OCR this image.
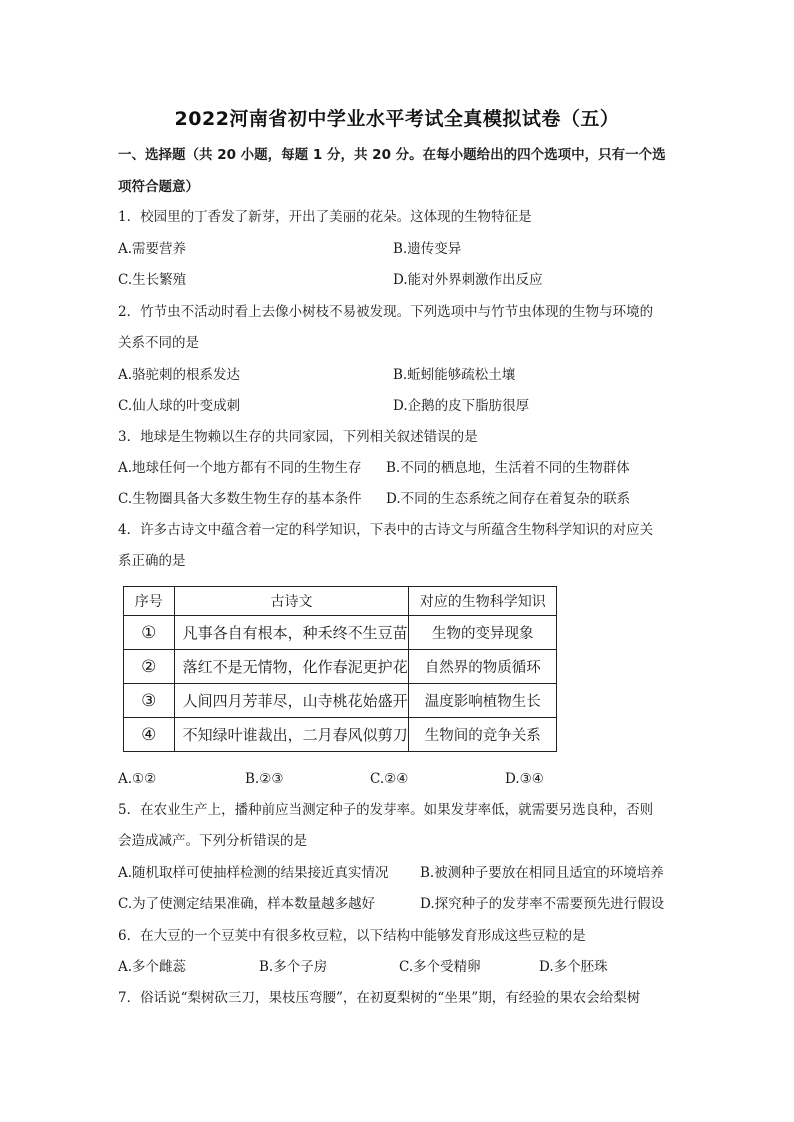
2022河南省初中学业水平考试全真模拟试卷（五）
一、选择题（共 20 小题，每题 1 分，共 20 分。在每小题给出的四个选项中，只有一个选
项符合题意）
1．校园里的丁香发了新芽，开出了美丽的花朵。这体现的生物特征是
A.需要营养	B.遗传变异
C.生长繁殖	D.能对外界刺激作出反应
2．竹节虫不活动时看上去像小树枝不易被发现。下列选项中与竹节虫体现的生物与环境的
关系不同的是
A.骆驼刺的根系发达	B.蚯蚓能够疏松土壤
C.仙人球的叶变成刺	D.企鹅的皮下脂肪很厚
3．地球是生物赖以生存的共同家园，下列相关叙述错误的是
A.地球任何一个地方都有不同的生物生存 B.不同的栖息地，生活着不同的生物群体
C.生物圈具备大多数生物生存的基本条件 D.不同的生态系统之间存在着复杂的联系
4．许多古诗文中蕴含着一定的科学知识，下表中的古诗文与所蕴含生物科学知识的对应关
系正确的是
序号	古诗文	对应的生物科学知识
①	凡事各自有根本，种禾终不生豆苗	生物的变异现象
②	落红不是无情物，化作春泥更护花	自然界的物质循环
③	人间四月芳菲尽，山寺桃花始盛开	温度影响植物生长
④	不知绿叶谁裁出，二月春风似剪刀	生物间的竞争关系
A.①②	B.②③	C.②④	D.③④
5．在农业生产上，播种前应当测定种子的发芽率。如果发芽率低，就需要另选良种，否则
会造成减产。下列分析错误的是
A.随机取样可使抽样检测的结果接近真实情况 B.被测种子要放在相同且适宜的环境培养
C.为了使测定结果准确，样本数量越多越好	D.探究种子的发芽率不需要预先进行假设
6．在大豆的一个豆荚中有很多枚豆粒，以下结构中能够发育形成这些豆粒的是
A.多个雌蕊	B.多个子房	C.多个受精卵	D.多个胚珠
7．俗话说“梨树砍三刀，果枝压弯腰”，在初夏梨树的“坐果”期，有经验的果农会给梨树
